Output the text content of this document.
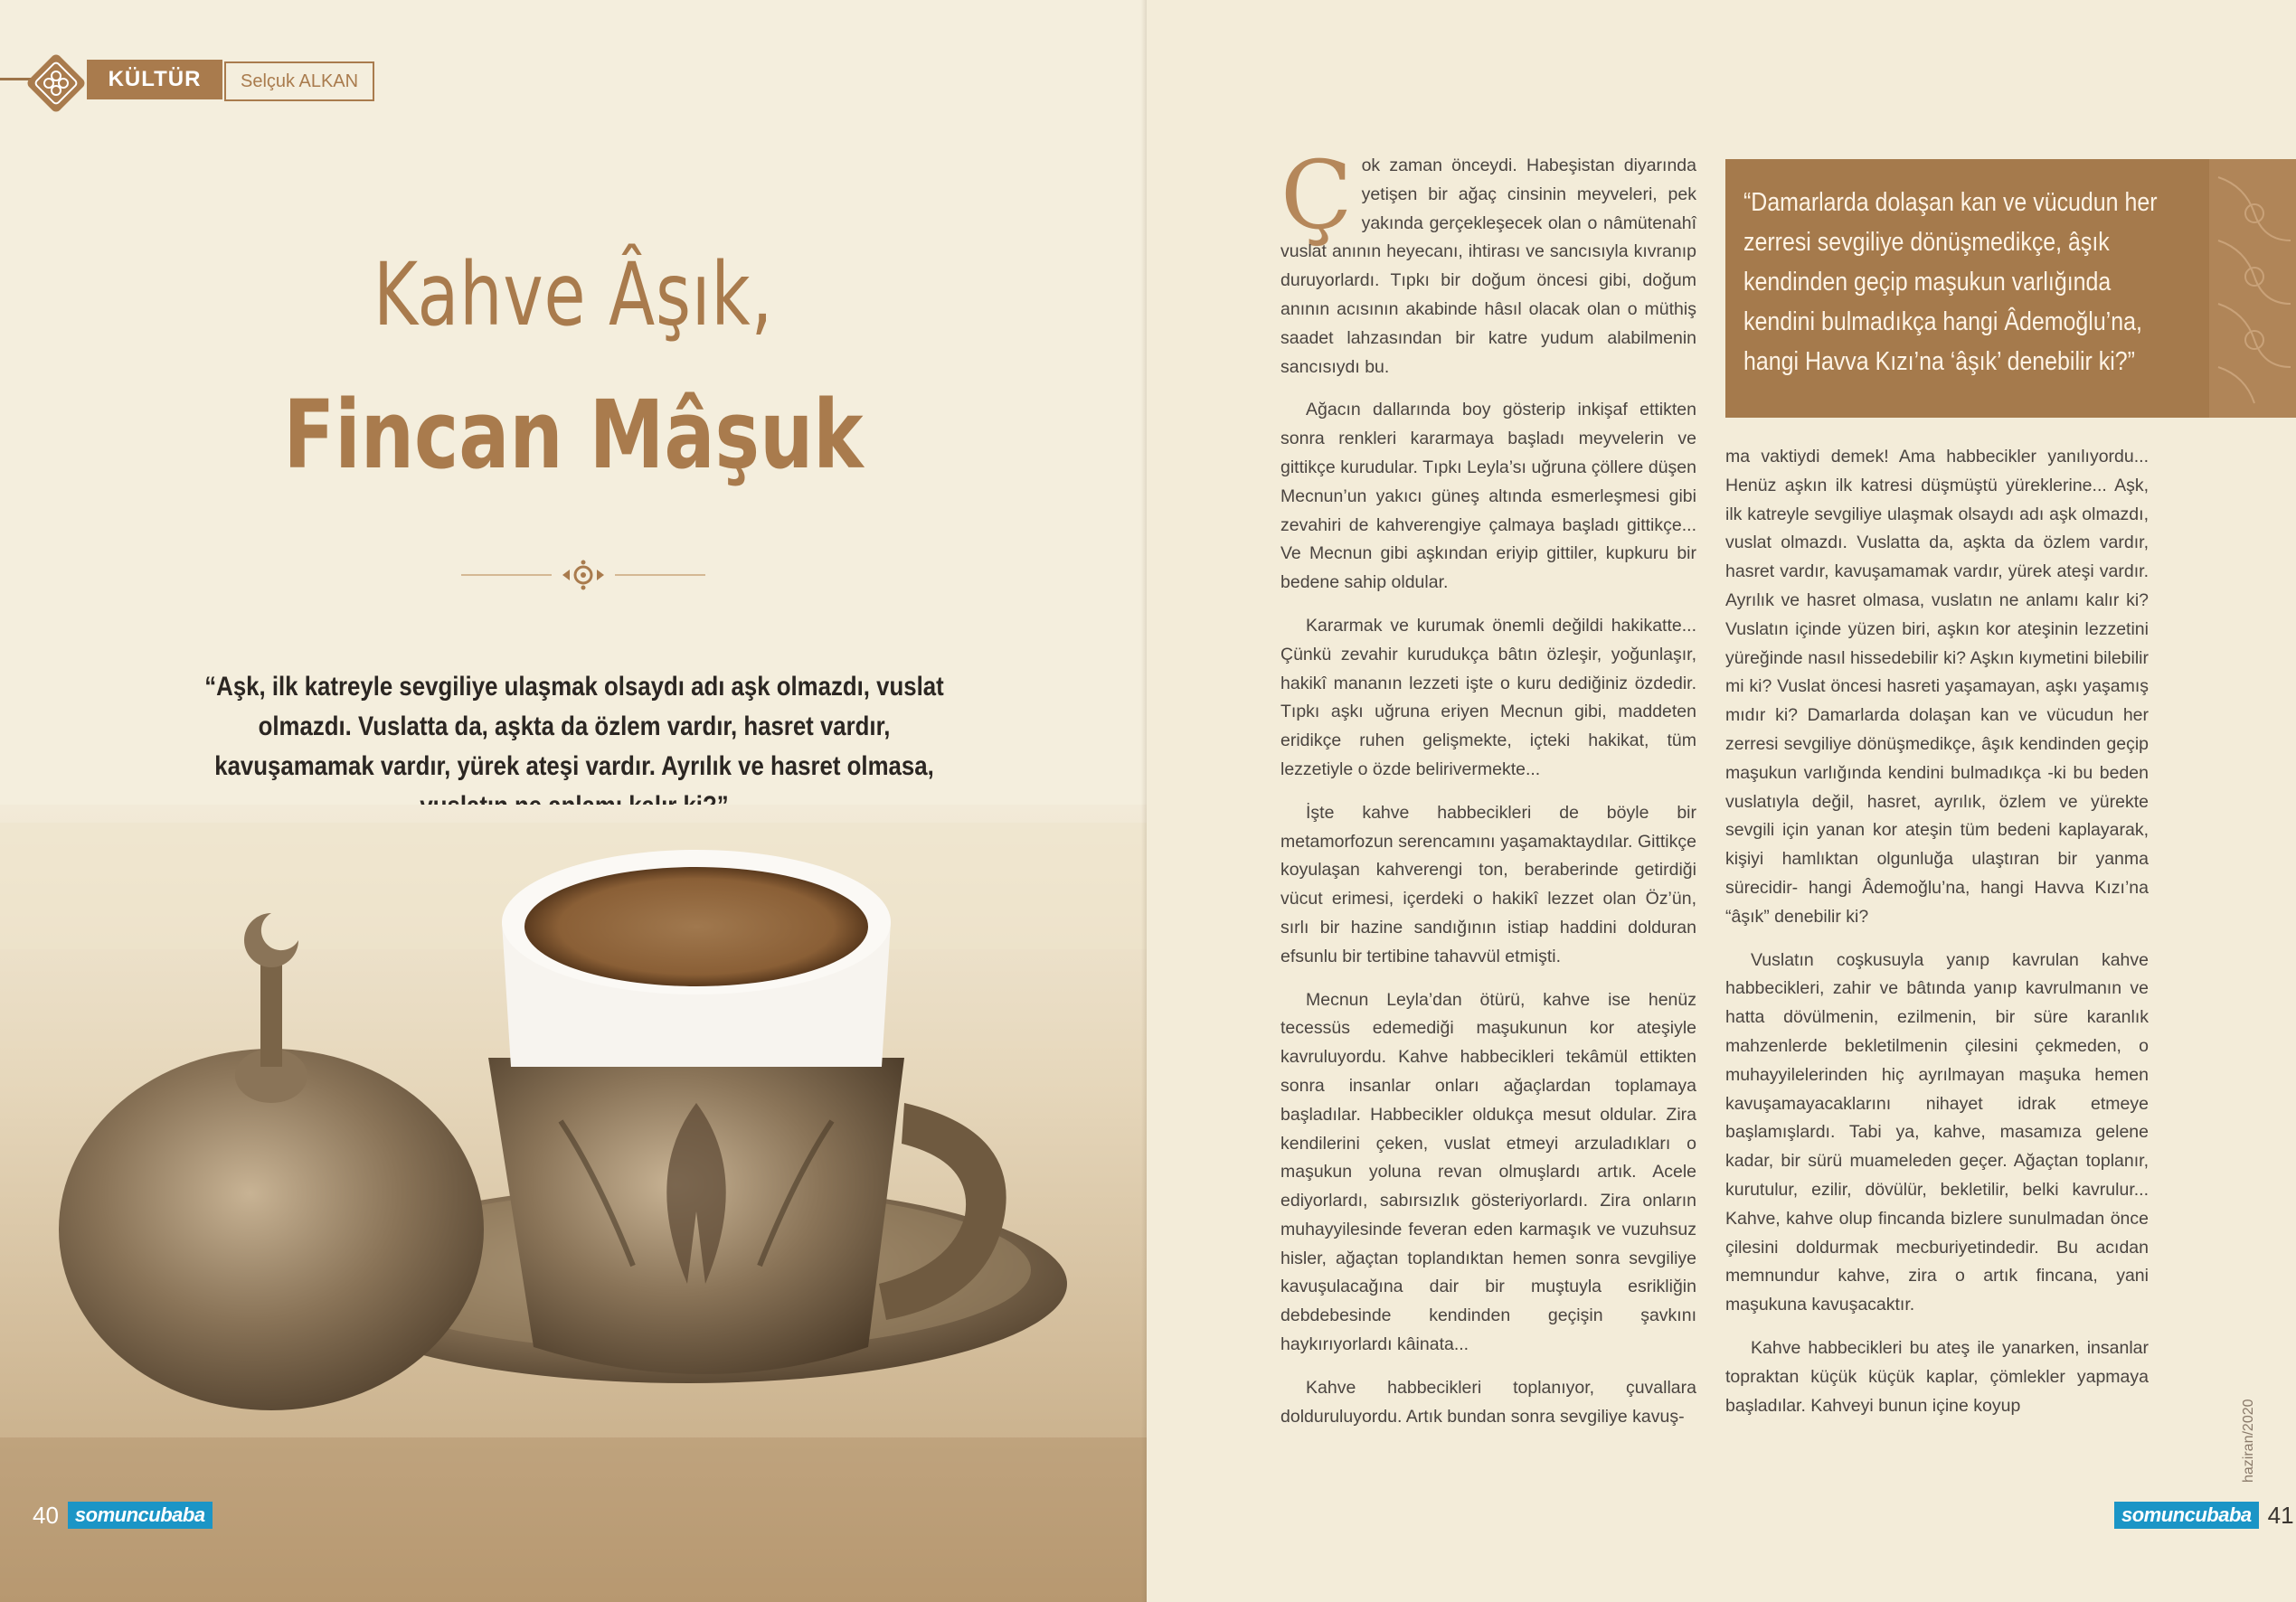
KÜLTÜR	Selçuk ALKAN
Kahve Âşık,
Fincan Mâşuk
“Aşk, ilk katreyle sevgiliye ulaşmak olsaydı adı aşk olmazdı, vuslat olmazdı. Vuslatta da, aşkta da özlem vardır, hasret vardır, kavuşamamak vardır, yürek ateşi vardır. Ayrılık ve hasret olmasa,
40 somuncubaba
“Damarlarda dolaşan kan ve vücudun her zerresi sevgiliye dönüşmedikçe, âşık kendinden geçip maşukun varlığında kendini bulmadıkça hangi Âdemoğlu’na, hangi Havva Kızı’na ‘âşık’ denebilir ki?”

Çok zaman önceydi. Habeşistan diyarında yetişen bir ağaç cinsinin meyveleri, pek yakında gerçekleşecek olan o nâmütenahî vuslat anının heyecanı, ihtirası ve sancısıyla kıvranıp duruyorlardı. Tıpkı bir doğum öncesi gibi, doğum anının acısının akabinde hâsıl olacak olan o müthiş saadet lahzasından bir katre yudum alabilmenin sancısıydı bu.

Ağacın dallarında boy gösterip inkişaf ettikten sonra renkleri kararmaya başladı meyvelerin ve gittikçe kurudular. Tıpkı Leyla’sı uğruna çöllere düşen Mecnun’un yakıcı güneş altında esmerleşmesi gibi zevahiri de kahverengiye çalmaya başladı gittikçe... Ve Mecnun gibi aşkından eriyip gittiler, kupkuru bir bedene sahip oldular.

Kararmak ve kurumak önemli değildi hakikatte... Çünkü zevahir kurudukça bâtın özleşir, yoğunlaşır, hakikî mananın lezzeti işte o kuru dediğiniz özdedir. Tıpkı aşkı uğruna eriyen Mecnun gibi, maddeten eridikçe ruhen gelişmekte, içteki hakikat, tüm lezzetiyle o özde belirivermekte...

İşte kahve habbecikleri de böyle bir metamorfozun serencamını yaşamaktaydılar. Gittikçe koyulaşan kahverengi ton, beraberinde getirdiği vücut erimesi, içerdeki o hakikî lezzet olan Öz’ün, sırlı bir hazine sandığının istiap haddini dolduran efsunlu bir tertibine tahavvül etmişti.

Mecnun Leyla’dan ötürü, kahve ise henüz tecessüs edemediği maşukunun kor ateşiyle kavruluyordu. Kahve habbecikleri tekâmül ettikten sonra insanlar onları ağaçlardan toplamaya başladılar. Habbecikler oldukça mesut oldular. Zira kendilerini çeken, vuslat etmeyi arzuladıkları o maşukun yoluna revan olmuşlardı artık. Acele ediyorlardı, sabırsızlık gösteriyorlardı. Zira onların muhayyilesinde feveran eden karmaşık ve vuzuhsuz hisler, ağaçtan toplandıktan hemen sonra sevgiliye kavuşulacağına dair bir muştuyla esrikliğin debdebesinde kendinden geçişin şavkını haykırıyorlardı kâinata...

Kahve habbecikleri toplanıyor, çuvallara dolduruluyordu. Artık bundan sonra sevgiliye kavuş-

ma vaktiydi demek! Ama habbecikler yanılıyordu... Henüz aşkın ilk katresi düşmüştü yüreklerine... Aşk, ilk katreyle sevgiliye ulaşmak olsaydı adı aşk olmazdı, vuslat olmazdı. Vuslatta da, aşkta da özlem vardır, hasret vardır, kavuşamamak vardır, yürek ateşi vardır. Ayrılık ve hasret olmasa, vuslatın ne anlamı kalır ki? Vuslatın içinde yüzen biri, aşkın kor ateşinin lezzetini yüreğinde nasıl hissedebilir ki? Aşkın kıymetini bilebilir mi ki? Vuslat öncesi hasreti yaşamayan, aşkı yaşamış mıdır ki? Damarlarda dolaşan kan ve vücudun her zerresi sevgiliye dönüşmedikçe, âşık kendinden geçip maşukun varlığında kendini bulmadıkça -ki bu beden vuslatıyla değil, hasret, ayrılık, özlem ve yürekte sevgili için yanan kor ateşin tüm bedeni kaplayarak, kişiyi hamlıktan olgunluğa ulaştıran bir yanma sürecidir- hangi Âdemoğlu’na, hangi Havva Kızı’na “âşık” denebilir ki?

Vuslatın coşkusuyla yanıp kavrulan kahve habbecikleri, zahir ve bâtında yanıp kavrulmanın ve hatta dövülmenin, ezilmenin, bir süre karanlık mahzenlerde bekletilmenin çilesini çekmeden, o muhayyilelerinden hiç ayrılmayan maşuka hemen kavuşamayacaklarını nihayet idrak etmeye başlamışlardı. Tabi ya, kahve, masamıza gelene kadar, bir sürü muameleden geçer. Ağaçtan toplanır, kurutulur, ezilir, dövülür, bekletilir, belki kavrulur... Kahve, kahve olup fincanda bizlere sunulmadan önce çilesini doldurmak mecburiyetindedir. Bu acıdan memnundur kahve, zira o artık fincana, yani maşukuna kavuşacaktır.

Kahve habbecikleri bu ateş ile yanarken, insanlar topraktan küçük küçük kaplar, çömlekler yapmaya başladılar. Kahveyi bunun içine koyup	haziran/2020
somuncubaba 41
